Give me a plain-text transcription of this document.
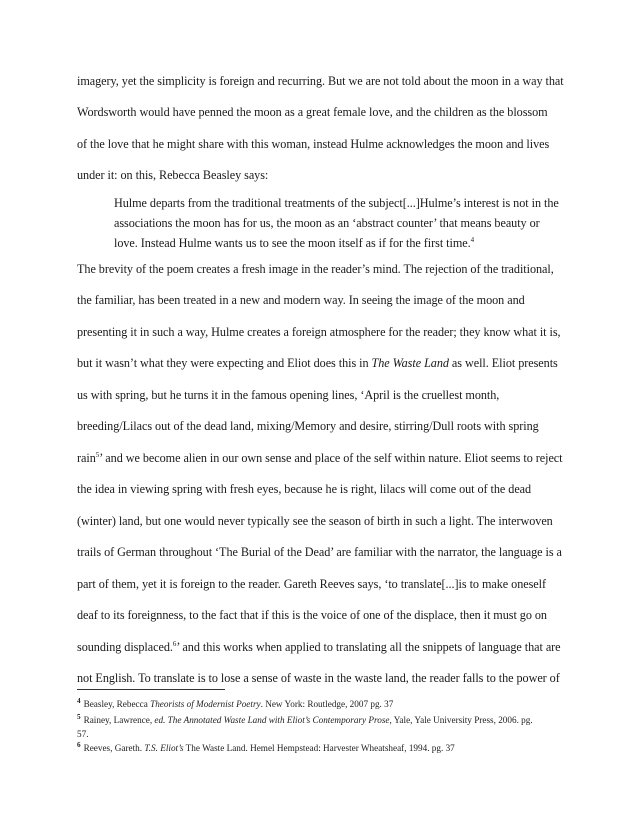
imagery, yet the simplicity is foreign and recurring. But we are not told about the moon in a way that
Wordsworth would have penned the moon as a great female love, and the children as the blossom
of the love that he might share with this woman, instead Hulme acknowledges the moon and lives
under it: on this, Rebecca Beasley says:
Hulme departs from the traditional treatments of the subject[...]Hulme’s interest is not in the
associations the moon has for us, the moon as an ‘abstract counter’ that means beauty or
love. Instead Hulme wants us to see the moon itself as if for the first time.$^4$
The brevity of the poem creates a fresh image in the reader’s mind. The rejection of the traditional,
the familiar, has been treated in a new and modern way. In seeing the image of the moon and
presenting it in such a way, Hulme creates a foreign atmosphere for the reader; they know what it is,
but it wasn’t what they were expecting and Eliot does this in The Waste Land as well. Eliot presents
us with spring, but he turns it in the famous opening lines, ‘April is the cruellest month,
breeding/Lilacs out of the dead land, mixing/Memory and desire, stirring/Dull roots with spring
rain$^5$’ and we become alien in our own sense and place of the self within nature. Eliot seems to reject
the idea in viewing spring with fresh eyes, because he is right, lilacs will come out of the dead
(winter) land, but one would never typically see the season of birth in such a light. The interwoven
trails of German throughout ‘The Burial of the Dead’ are familiar with the narrator, the language is a
part of them, yet it is foreign to the reader. Gareth Reeves says, ‘to translate[...]is to make oneself
deaf to its foreignness, to the fact that if this is the voice of one of the displace, then it must go on
sounding displaced.$^6$’ and this works when applied to translating all the snippets of language that are
not English. To translate is to lose a sense of waste in the waste land, the reader falls to the power of
$^4$ Beasley, Rebecca Theorists of Modernist Poetry. New York: Routledge, 2007 pg. 37
$^5$ Rainey, Lawrence, ed. The Annotated Waste Land with Eliot’s Contemporary Prose, Yale, Yale University Press, 2006. pg.
57.
$^6$ Reeves, Gareth. T.S. Eliot’s The Waste Land. Hemel Hempstead: Harvester Wheatsheaf, 1994. pg. 37
